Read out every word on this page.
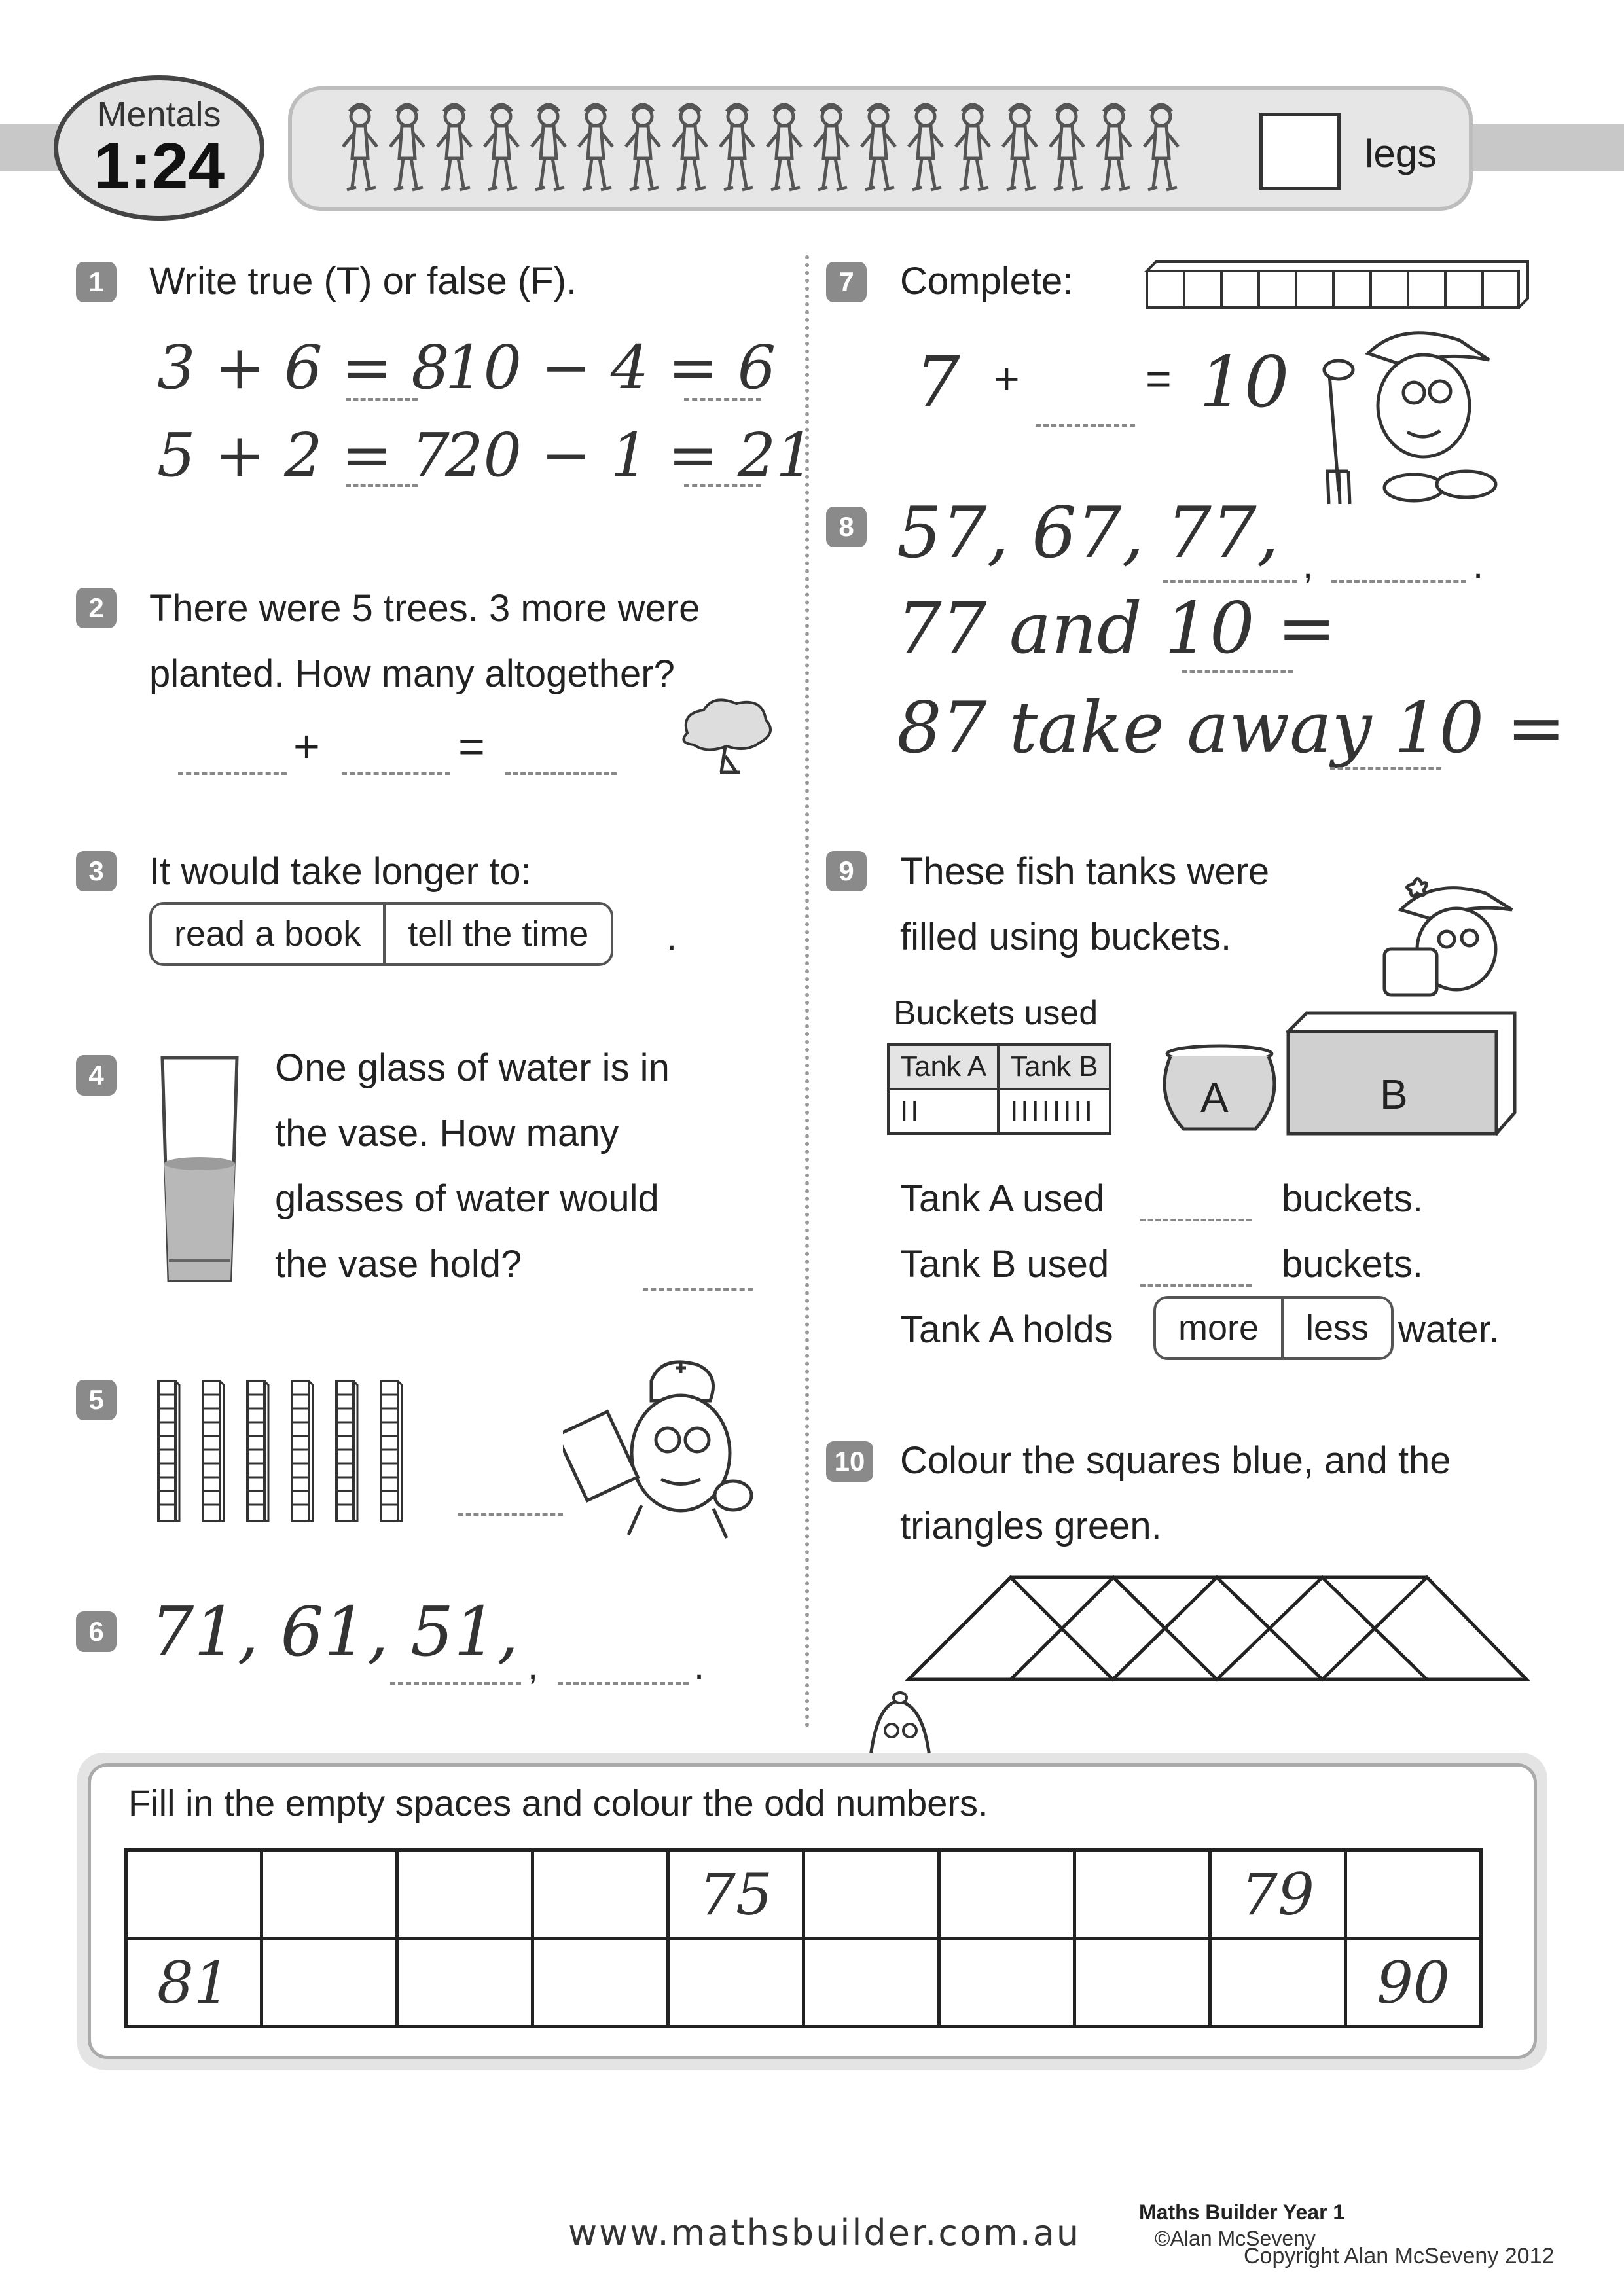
Mentals
1:24	legs
1	Write true (T) or false (F).
3 + 6 = 8
10 − 4 = 6
5 + 2 = 7
20 − 1 = 21
2	There were 5 trees. 3 more were
planted. How many altogether?
+	=
3	It would take longer to:
read a book	tell the time	.
4	One glass of water is in
the vase. How many
glasses of water would
the vase hold?
5
6 71, 61, 51, ,	.
7	Complete:
7 +	= 10
8 57, 67, 77, ,	.
77 and 10 =
87 take away 10 =
9	These fish tanks were
filled using buckets.
Buckets used
Tank A	Tank B
II	IIIIIIII	A	B
Tank A used	buckets.
Tank B used	buckets.
Tank A holds	more	less water.
10 Colour the squares blue, and the
triangles green.
Fill in the empty spaces and colour the odd numbers.
				75				79	
81									90
www.mathsbuilder.com.au	Maths Builder Year 1
©Alan McSeveny
Copyright Alan McSeveny 2012
